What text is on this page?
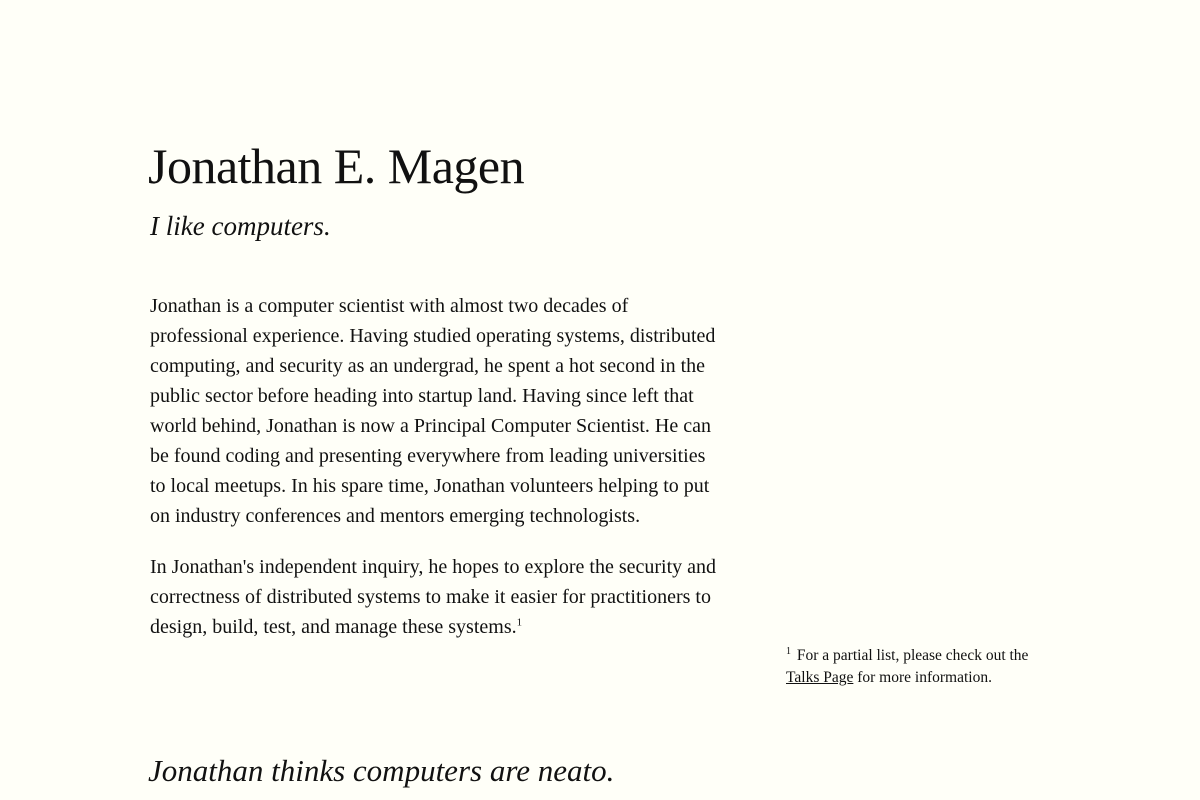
Jonathan E. Magen
I like computers.

Jonathan is a computer scientist with almost two decades of professional experience. Having studied operating systems, distributed computing, and security as an undergrad, he spent a hot second in the public sector before heading into startup land. Having since left that world behind, Jonathan is now a Principal Computer Scientist. He can be found coding and presenting everywhere from leading universities to local meetups. In his spare time, Jonathan volunteers helping to put on industry conferences and mentors emerging technologists.

In Jonathan's independent inquiry, he hopes to explore the security and correctness of distributed systems to make it easier for practitioners to design, build, test, and manage these systems.$^1$

$^1$ For a partial list, please check out the
Talks Page for more information.
Jonathan thinks computers are neato.
